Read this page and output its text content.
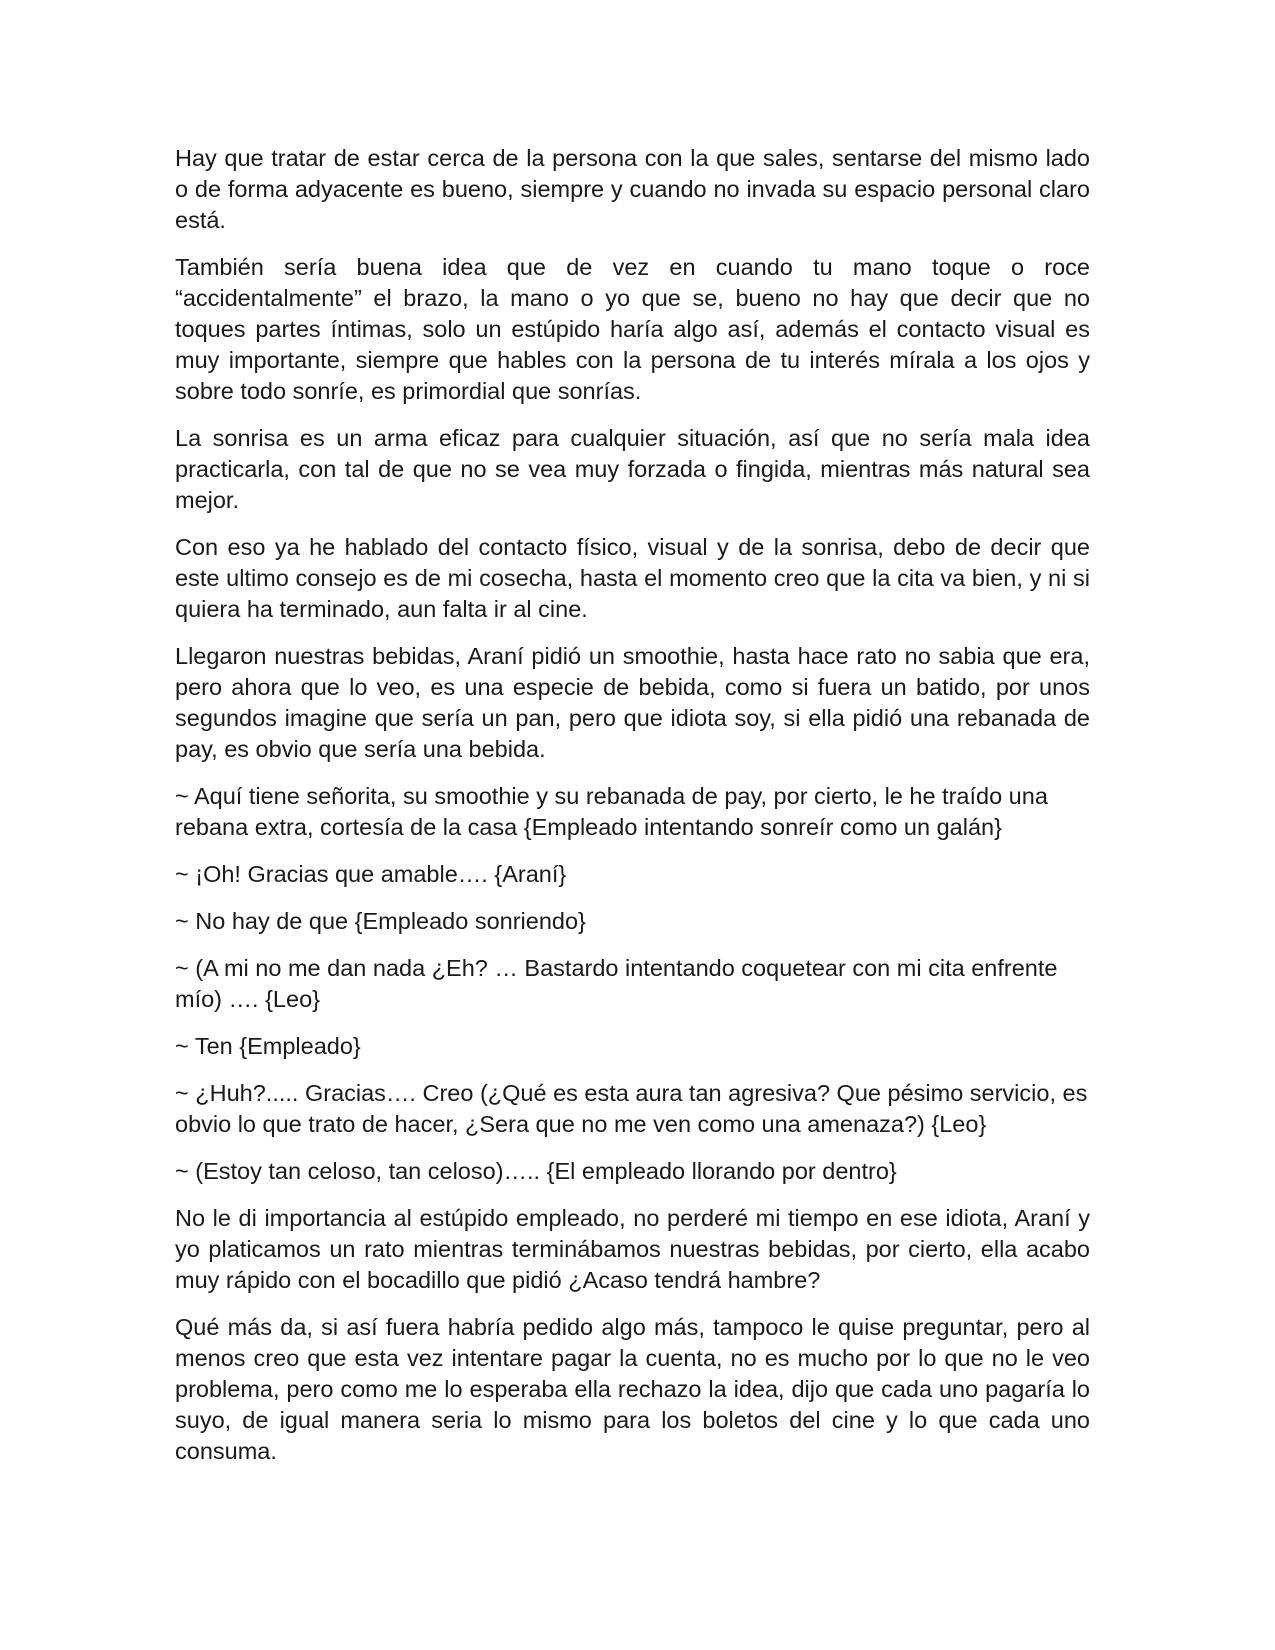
Hay que tratar de estar cerca de la persona con la que sales, sentarse del mismo lado o de forma adyacente es bueno, siempre y cuando no invada su espacio personal claro está.

También sería buena idea que de vez en cuando tu mano toque o roce “accidentalmente” el brazo, la mano o yo que se, bueno no hay que decir que no toques partes íntimas, solo un estúpido haría algo así, además el contacto visual es muy importante, siempre que hables con la persona de tu interés mírala a los ojos y sobre todo sonríe, es primordial que sonrías.

La sonrisa es un arma eficaz para cualquier situación, así que no sería mala idea practicarla, con tal de que no se vea muy forzada o fingida, mientras más natural sea mejor.

Con eso ya he hablado del contacto físico, visual y de la sonrisa, debo de decir que este ultimo consejo es de mi cosecha, hasta el momento creo que la cita va bien, y ni si quiera ha terminado, aun falta ir al cine.

Llegaron nuestras bebidas, Araní pidió un smoothie, hasta hace rato no sabia que era, pero ahora que lo veo, es una especie de bebida, como si fuera un batido, por unos segundos imagine que sería un pan, pero que idiota soy, si ella pidió una rebanada de pay, es obvio que sería una bebida.

~ Aquí tiene señorita, su smoothie y su rebanada de pay, por cierto, le he traído una rebana extra, cortesía de la casa {Empleado intentando sonreír como un galán}

~ ¡Oh! Gracias que amable…. {Araní}

~ No hay de que {Empleado sonriendo}

~ (A mi no me dan nada ¿Eh? … Bastardo intentando coquetear con mi cita enfrente mío) …. {Leo}

~ Ten {Empleado}

~ ¿Huh?..... Gracias…. Creo (¿Qué es esta aura tan agresiva? Que pésimo servicio, es obvio lo que trato de hacer, ¿Sera que no me ven como una amenaza?) {Leo}

~ (Estoy tan celoso, tan celoso)….. {El empleado llorando por dentro}

No le di importancia al estúpido empleado, no perderé mi tiempo en ese idiota, Araní y yo platicamos un rato mientras terminábamos nuestras bebidas, por cierto, ella acabo muy rápido con el bocadillo que pidió ¿Acaso tendrá hambre?

Qué más da, si así fuera habría pedido algo más, tampoco le quise preguntar, pero al menos creo que esta vez intentare pagar la cuenta, no es mucho por lo que no le veo problema, pero como me lo esperaba ella rechazo la idea, dijo que cada uno pagaría lo suyo, de igual manera seria lo mismo para los boletos del cine y lo que cada uno consuma.
